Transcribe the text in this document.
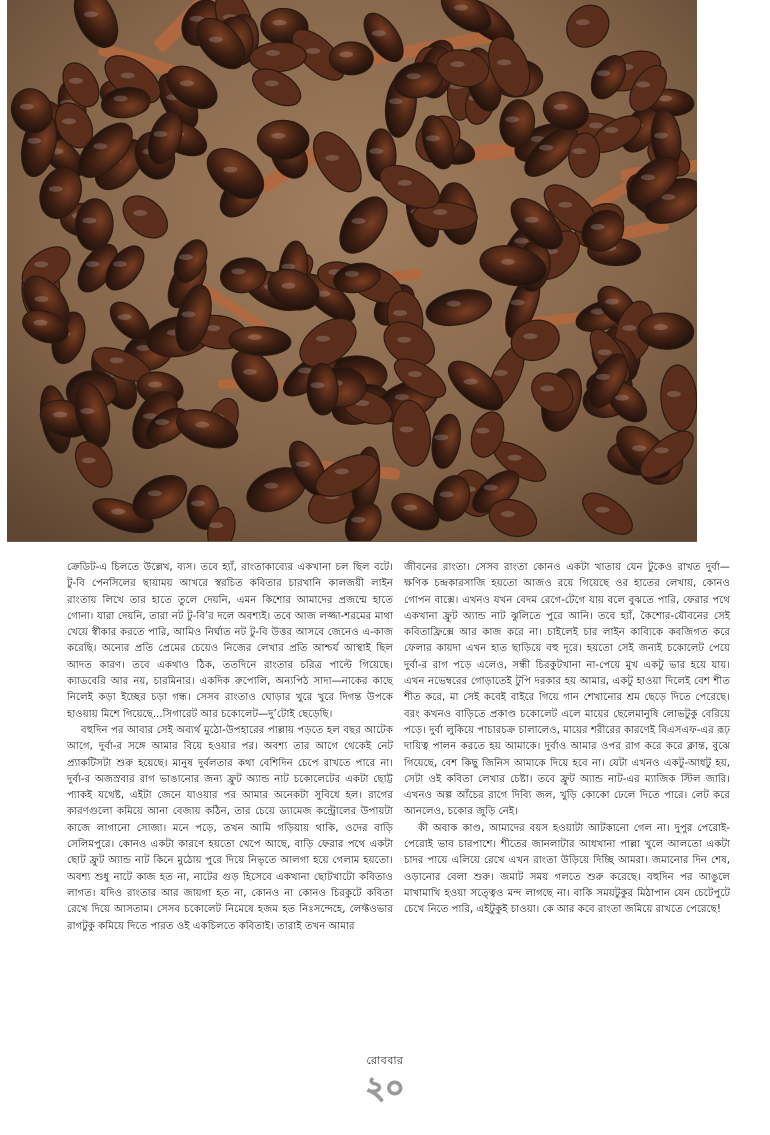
ক্রেডিট-এ চিলতে উল্লেখ, ব্যস। তবে হ্যাঁ, রাংতাকাব্যের একখানা চল ছিল বটে। টু-বি পেনসিলের ছায়াময় আখরে স্বরচিত কবিতার চারখানি কালজয়ী লাইন রাংতায় লিখে তার হাতে তুলে দেয়নি, এমন কিশোর আমাদের প্রজন্মে হাতে গোনা। যারা দেয়নি, তারা নট টু-বি’র দলে অবশ্যই। তবে আজ লজ্জা-শরমের মাথা খেয়ে স্বীকার করতে পারি, আমিও নির্ঘাত নট টু-বি উত্তর আসবে জেনেও এ-কাজ করেছি। অন্যের প্রতি প্রেমের চেয়েও নিজের লেখার প্রতি আশ্চর্য আস্থাই ছিল আদত কারণ। তবে একথাও ঠিক, ততদিনে রাংতার চরিত্র পাল্টে গিয়েছে। ক্যাডবেরি আর নয়, চারমিনার। একদিক রুপোলি, অন্যপিঠ সাদা—নাকের কাছে নিলেই কড়া ইচ্ছের চড়া গন্ধ। সেসব রাংতাও ঘোড়ার খুরে খুরে দিগন্ত উপকে হাওয়ায় মিশে গিয়েছে...সিগারেট আর চকোলেট—দু’টোই ছেড়েছি।

বহুদিন পর আবার সেই অব্যর্থ মুঠো-উপহারের পাল্লায় পড়তে হল বছর আটেক আগে, দুর্বা-র সঙ্গে আমার বিয়ে হওয়ার পর। অবশ্য তার আগে থেকেই নেট প্র্যাকটিসটা শুরু হয়েছে। মানুষ দুর্বলতার কথা বেশিদিন চেপে রাখতে পারে না। দুর্বা-র অজস্রবার রাগ ভাঙানোর জন্য ফ্রুট অ্যান্ড নাট চকোলেটের একটা ছোট্ট প্যাকই যথেষ্ট, এইটা জেনে যাওয়ার পর আমার অনেকটা সুবিধে হল। রাগের কারণগুলো কমিয়ে আনা বেজায় কঠিন, তার চেয়ে ড্যামেজ কন্ট্রোলের উপায়টা কাজে লাগানো সোজা। মনে পড়ে, তখন আমি গড়িয়ায় থাকি, ওদের বাড়ি সেলিমপুরে। কোনও একটা কারণে হয়তো খেপে আছে, বাড়ি ফেরার পথে একটা ছোট ফ্রুট অ্যান্ড নাট কিনে মুঠোয় পুরে দিয়ে নিভৃতে আলগা হয়ে গেলাম হয়তো। অবশ্য শুধু নাটে কাজ হত না, নাটের গুড় হিসেবে একখানা ছোটখাটো কবিতাও লাগত। যদিও রাংতার আর জায়গা হত না, কোনও না কোনও চিরকুটে কবিতা রেখে দিয়ে আসতাম। সেসব চকোলেট নিমেষে হজম হত নিঃসন্দেহে, লেফ্টওভার রাগটুকু কমিয়ে দিতে পারত ওই একচিলতে কবিতাই। তারাই তখন আমার

জীবনের রাংতা। সেসব রাংতা কোনও একটা খাতায় যেন টুকেও রাখত দুর্বা—ক্ষণিক চন্দ্রকারসাজি হয়তো আজও রয়ে গিয়েছে ওর হাতের লেখায়, কোনও গোপন বাক্সে। এখনও যখন বেদম রেগে-টেগে যায় বলে বুঝতে পারি, ফেরার পথে একখানা ফ্রুট অ্যান্ড নাট ঝুলিতে পুরে আনি। তবে হ্যাঁ, কৈশোর-যৌবনের সেই কবিতাফ্রিক্সে আর কাজ করে না। চাইলেই চার লাইন কাব্যিকে কবজিগত করে ফেলার কায়দা এখন হাত ছাড়িয়ে বহু দূরে। হয়তো সেই জন্যই চকোলেট পেয়ে দুর্বা-র রাগ পড়ে এলেও, সন্ধী চিরকুটখানা না-পেয়ে মুখ একটু ভার হয়ে যায়। এখন নভেম্বরের গোড়াতেই টুপি দরকার হয় আমার, একটু হাওয়া দিলেই বেশ শীত শীত করে, মা সেই কবেই বাইরে গিয়ে গান শেখানোর শ্রম ছেড়ে দিতে পেরেছে। বরং কখনও বাড়িতে প্রকাণ্ড চকোলেট এলে মায়ের ছেলেমানুষি লোভটুকু বেরিয়ে পড়ে। দুর্বা লুকিয়ে পাচারচক্র চালালেও, মায়ের শরীরের কারণেই বিএসএফ-এর রূঢ় দায়িত্ব পালন করতে হয় আমাকে। দুর্বাও আমার ওপর রাগ করে করে ক্লান্ত, বুঝে গিয়েছে, বেশ কিছু জিনিস আমাকে দিয়ে হবে না। যেটা এখনও একটু-আধটু হয়, সেটা ওই কবিতা লেখার চেষ্টা। তবে ফ্রুট অ্যান্ড নাট-এর ম্যাজিক স্টিল জারি। এখনও অল্প আঁচের রাগে দিব্যি জল, খুড়ি কোকো ঢেলে দিতে পারে। লেট করে আনলেও, চকোর জুড়ি নেই।

কী অবাক কাণ্ড, আমাদের বয়স হওয়াটা আটকানো গেল না। দুপুর পেরোই-পেরোই ভাব চারপাশে। শীতের জানলাটার আধখানা পাল্লা খুলে আলতো একটা চাদর পায়ে এলিয়ে রেখে এখন রাংতা উড়িয়ে দিচ্ছি আমরা। জমানোর দিন শেষ, ওড়ানোর বেলা শুরু। জমাট সময় গলতে শুরু করেছে। বহুদিন পর আঙুলে মাখামাখি হওয়া সত্ত্বেও মন্দ লাগছে না। বাকি সময়টুকুর মিঠাপান যেন চেটেপুটে চেখে নিতে পারি, এইটুকুই চাওয়া। কে আর কবে রাংতা জমিয়ে রাখতে পেরেছে!

রোববার
২০
